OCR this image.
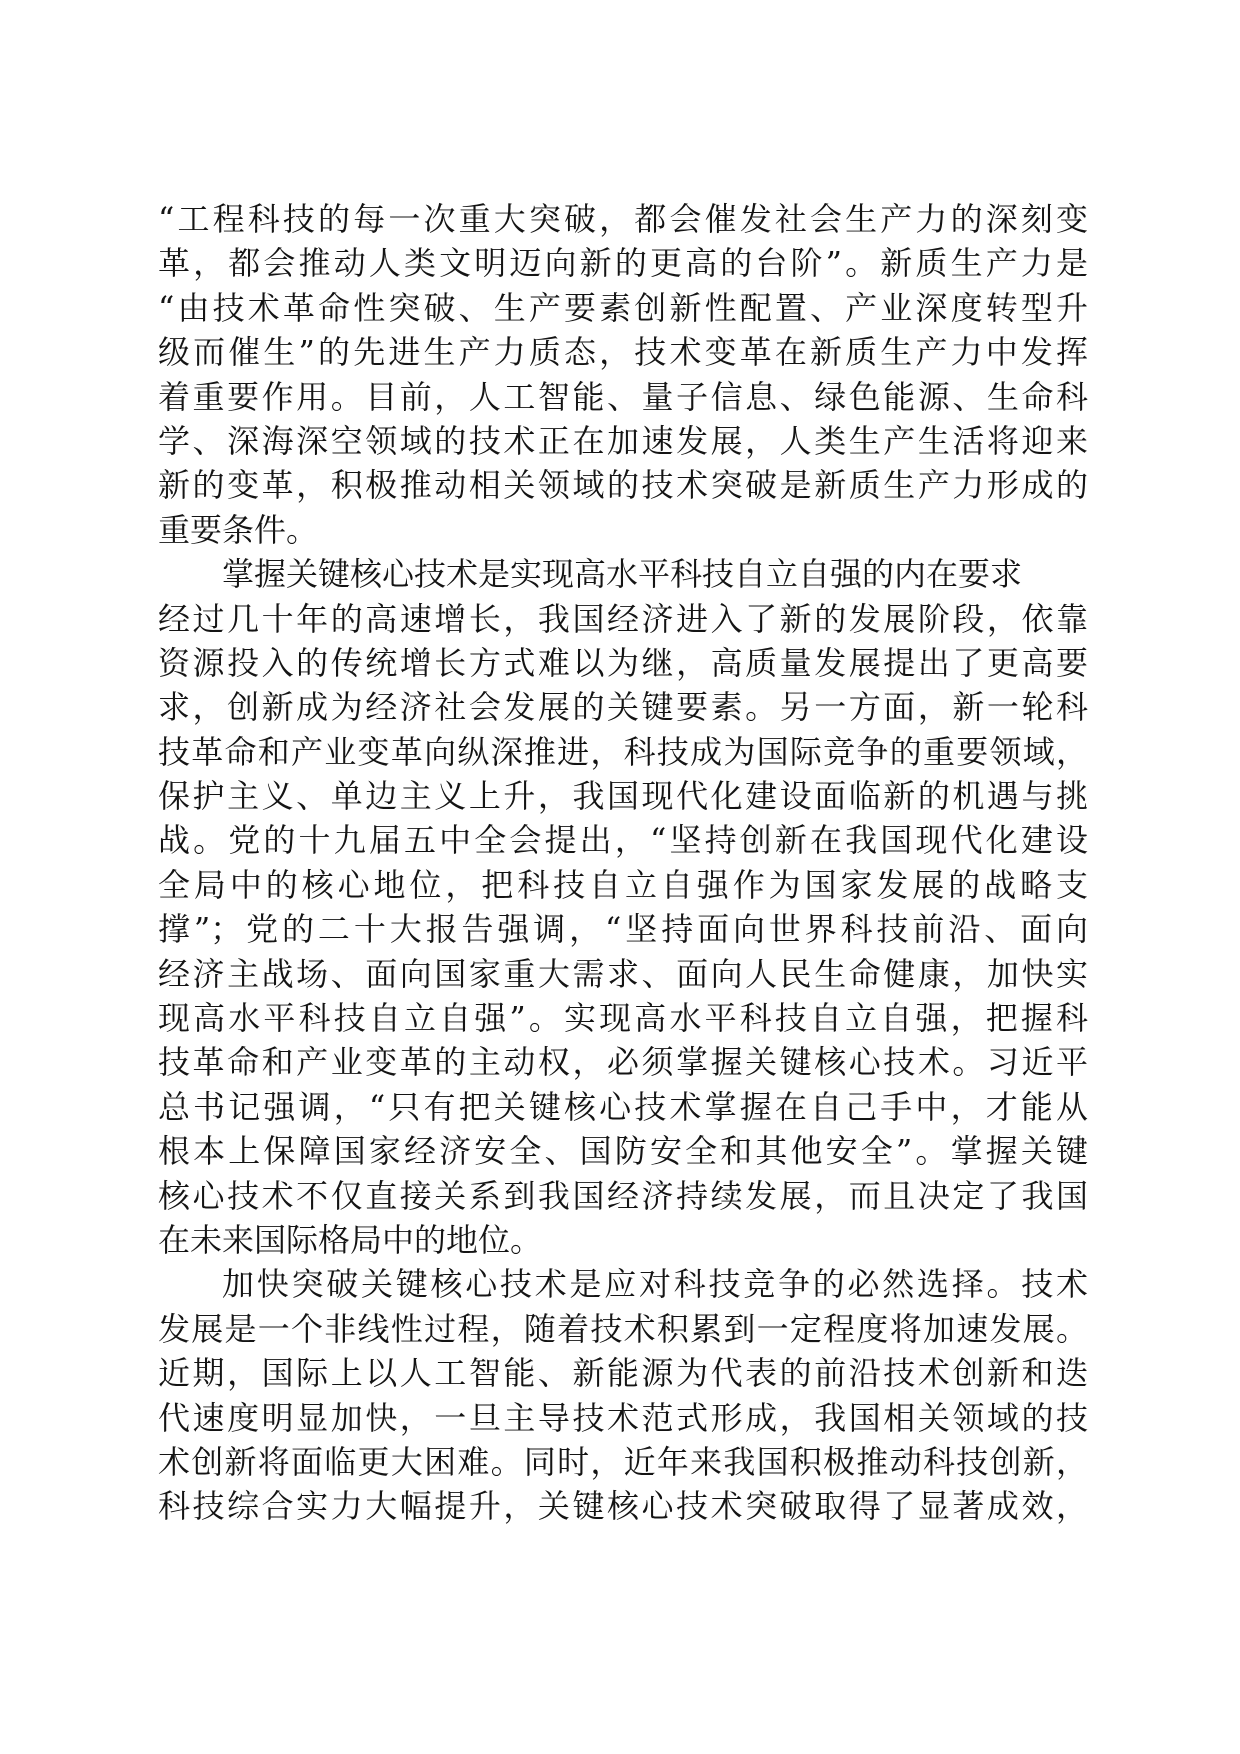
“工程科技的每一次重大突破，都会催发社会生产力的深刻变
革，都会推动人类文明迈向新的更高的台阶”。新质生产力是
“由技术革命性突破、生产要素创新性配置、产业深度转型升
级而催生”的先进生产力质态，技术变革在新质生产力中发挥
着重要作用。目前，人工智能、量子信息、绿色能源、生命科
学、深海深空领域的技术正在加速发展，人类生产生活将迎来
新的变革，积极推动相关领域的技术突破是新质生产力形成的
重要条件。
掌握关键核心技术是实现高水平科技自立自强的内在要求
经过几十年的高速增长，我国经济进入了新的发展阶段，依靠
资源投入的传统增长方式难以为继，高质量发展提出了更高要
求，创新成为经济社会发展的关键要素。另一方面，新一轮科
技革命和产业变革向纵深推进，科技成为国际竞争的重要领域，
保护主义、单边主义上升，我国现代化建设面临新的机遇与挑
战。党的十九届五中全会提出，“坚持创新在我国现代化建设
全局中的核心地位，把科技自立自强作为国家发展的战略支
撑”；党的二十大报告强调，“坚持面向世界科技前沿、面向
经济主战场、面向国家重大需求、面向人民生命健康，加快实
现高水平科技自立自强”。实现高水平科技自立自强，把握科
技革命和产业变革的主动权，必须掌握关键核心技术。习近平
总书记强调，“只有把关键核心技术掌握在自己手中，才能从
根本上保障国家经济安全、国防安全和其他安全”。掌握关键
核心技术不仅直接关系到我国经济持续发展，而且决定了我国
在未来国际格局中的地位。
加快突破关键核心技术是应对科技竞争的必然选择。技术
发展是一个非线性过程，随着技术积累到一定程度将加速发展。
近期，国际上以人工智能、新能源为代表的前沿技术创新和迭
代速度明显加快，一旦主导技术范式形成，我国相关领域的技
术创新将面临更大困难。同时，近年来我国积极推动科技创新，
科技综合实力大幅提升，关键核心技术突破取得了显著成效，
